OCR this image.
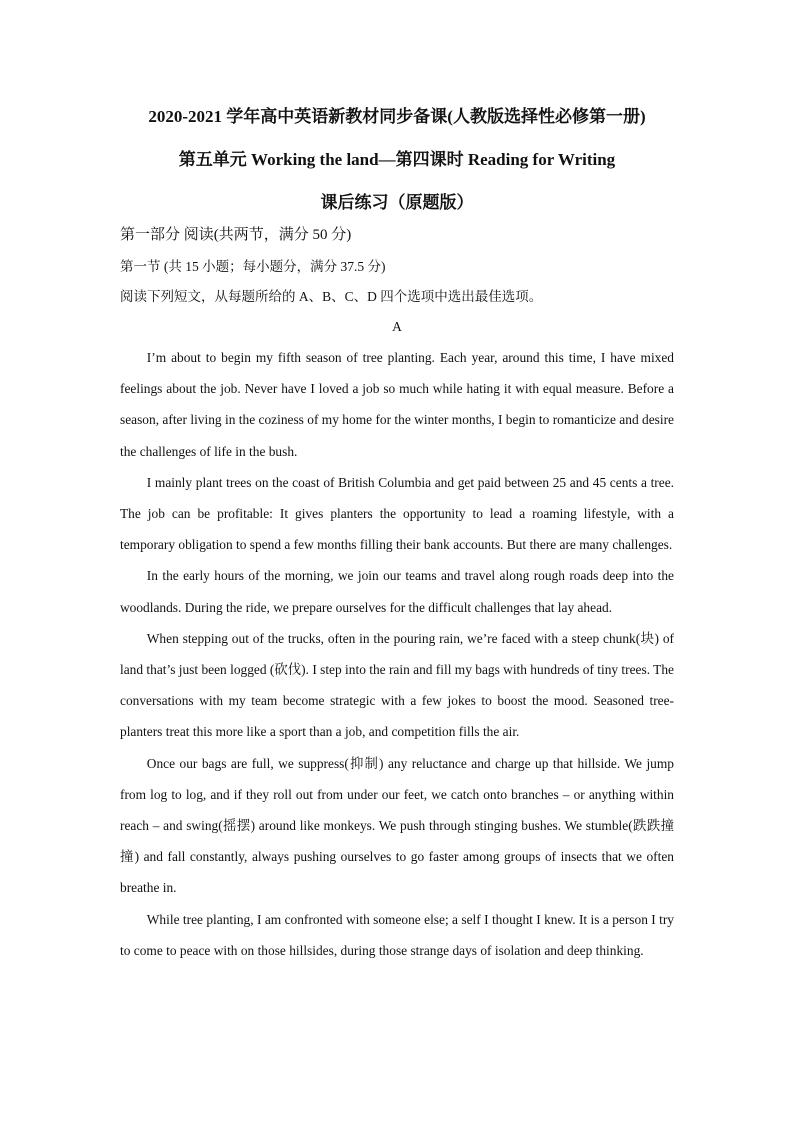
2020-2021 学年高中英语新教材同步备课(人教版选择性必修第一册)

第五单元 Working the land—第四课时 Reading for Writing

课后练习（原题版）

第一部分 阅读(共两节，满分 50 分)
第一节 (共 15 小题；每小题分，满分 37.5 分)
阅读下列短文，从每题所给的 A、B、C、D 四个选项中选出最佳选项。
A

I’m about to begin my fifth season of tree planting. Each year, around this time, I have mixed feelings about the job. Never have I loved a job so much while hating it with equal measure. Before a season, after living in the coziness of my home for the winter months, I begin to romanticize and desire the challenges of life in the bush.

I mainly plant trees on the coast of British Columbia and get paid between 25 and 45 cents a tree. The job can be profitable: It gives planters the opportunity to lead a roaming lifestyle, with a temporary obligation to spend a few months filling their bank accounts. But there are many challenges.

In the early hours of the morning, we join our teams and travel along rough roads deep into the woodlands. During the ride, we prepare ourselves for the difficult challenges that lay ahead.

When stepping out of the trucks, often in the pouring rain, we’re faced with a steep chunk(块) of land that’s just been logged (砍伐). I step into the rain and fill my bags with hundreds of tiny trees. The conversations with my team become strategic with a few jokes to boost the mood. Seasoned tree-planters treat this more like a sport than a job, and competition fills the air.

Once our bags are full, we suppress(抑制) any reluctance and charge up that hillside. We jump from log to log, and if they roll out from under our feet, we catch onto branches – or anything within reach – and swing(摇摆) around like monkeys. We push through stinging bushes. We stumble(跌跌撞撞) and fall constantly, always pushing ourselves to go faster among groups of insects that we often breathe in.

While tree planting, I am confronted with someone else; a self I thought I knew. It is a person I try to come to peace with on those hillsides, during those strange days of isolation and deep thinking.
